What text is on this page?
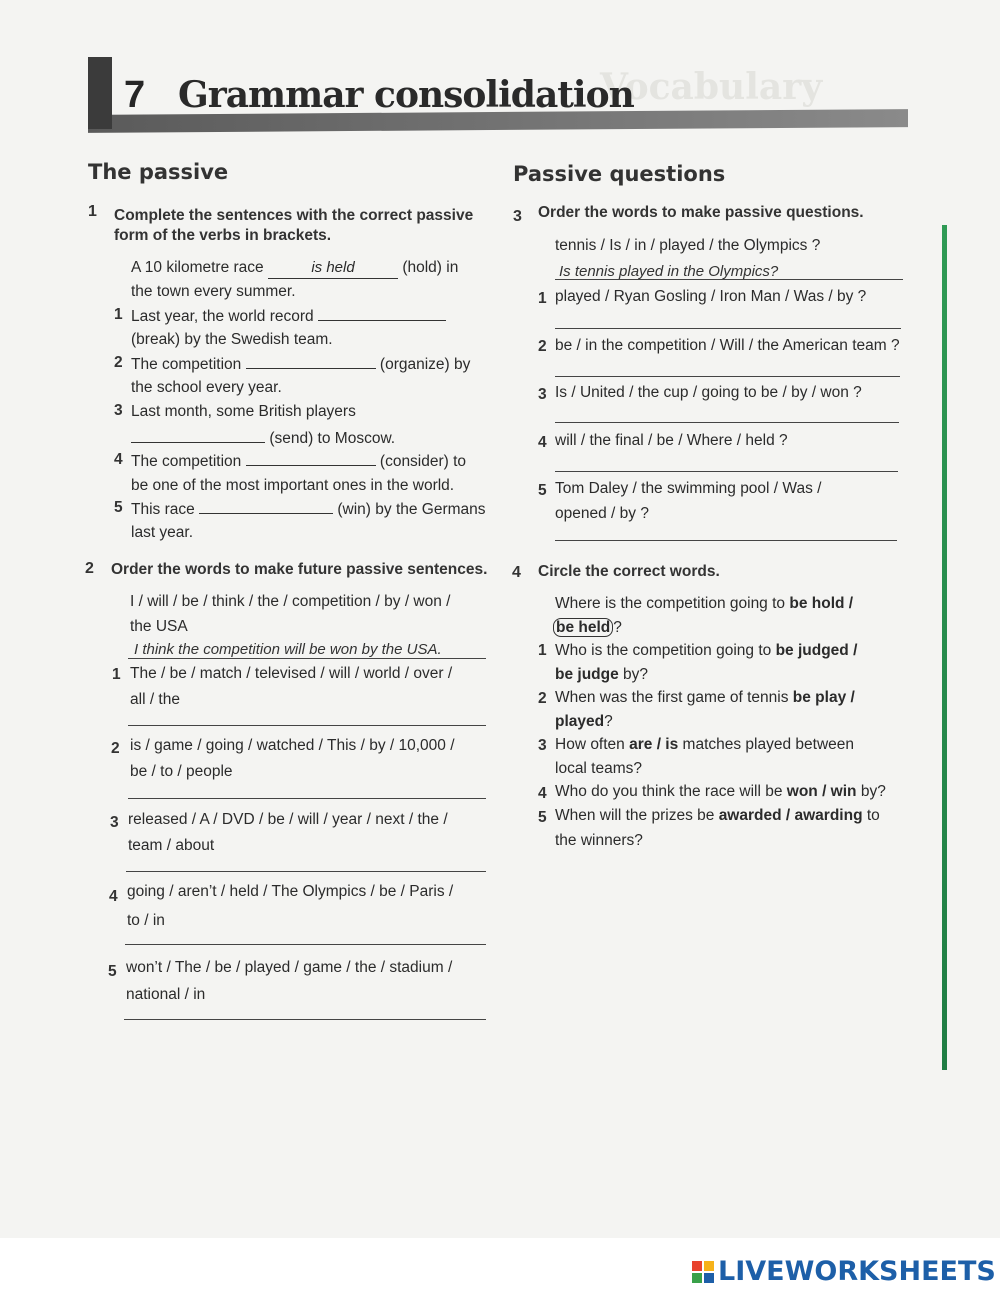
Vocabulary
7 Grammar consolidation
The passive
1 Complete the sentences with the correct passive
form of the verbs in brackets.
A 10 kilometre race	is held	(hold) in
the town every summer.
1 Last year, the world record
(break) by the Swedish team.
2 The competition	(organize) by
the school every year.
3 Last month, some British players
(send) to Moscow.
4 The competition	(consider) to
be one of the most important ones in the world.
5 This race	(win) by the Germans
last year.
2 Order the words to make future passive sentences.
I / will / be / think / the / competition / by / won /
the USA
I think the competition will be won by the USA.
1 The / be / match / televised / will / world / over /
all / the
2 is / game / going / watched / This / by / 10,000 /
be / to / people
3 released / A / DVD / be / will / year / next / the /
team / about
4 going / aren’t / held / The Olympics / be / Paris /
to / in
5 won’t / The / be / played / game / the / stadium /
national / in
Passive questions
3 Order the words to make passive questions.
tennis / Is / in / played / the Olympics ?
Is tennis played in the Olympics?
1 played / Ryan Gosling / Iron Man / Was / by ?
2 be / in the competition / Will / the American team ?
3 Is / United / the cup / going to be / by / won ?
4 will / the final / be / Where / held ?
5 Tom Daley / the swimming pool / Was /
opened / by ?
4 Circle the correct words.
Where is the competition going to be hold /
be held ?
1 Who is the competition going to be judged /
be judge by?
2 When was the first game of tennis be play /
played?
3 How often are / is matches played between
local teams?
4 Who do you think the race will be won / win by?
5 When will the prizes be awarded / awarding to
the winners?
LIVEWORKSHEETS
